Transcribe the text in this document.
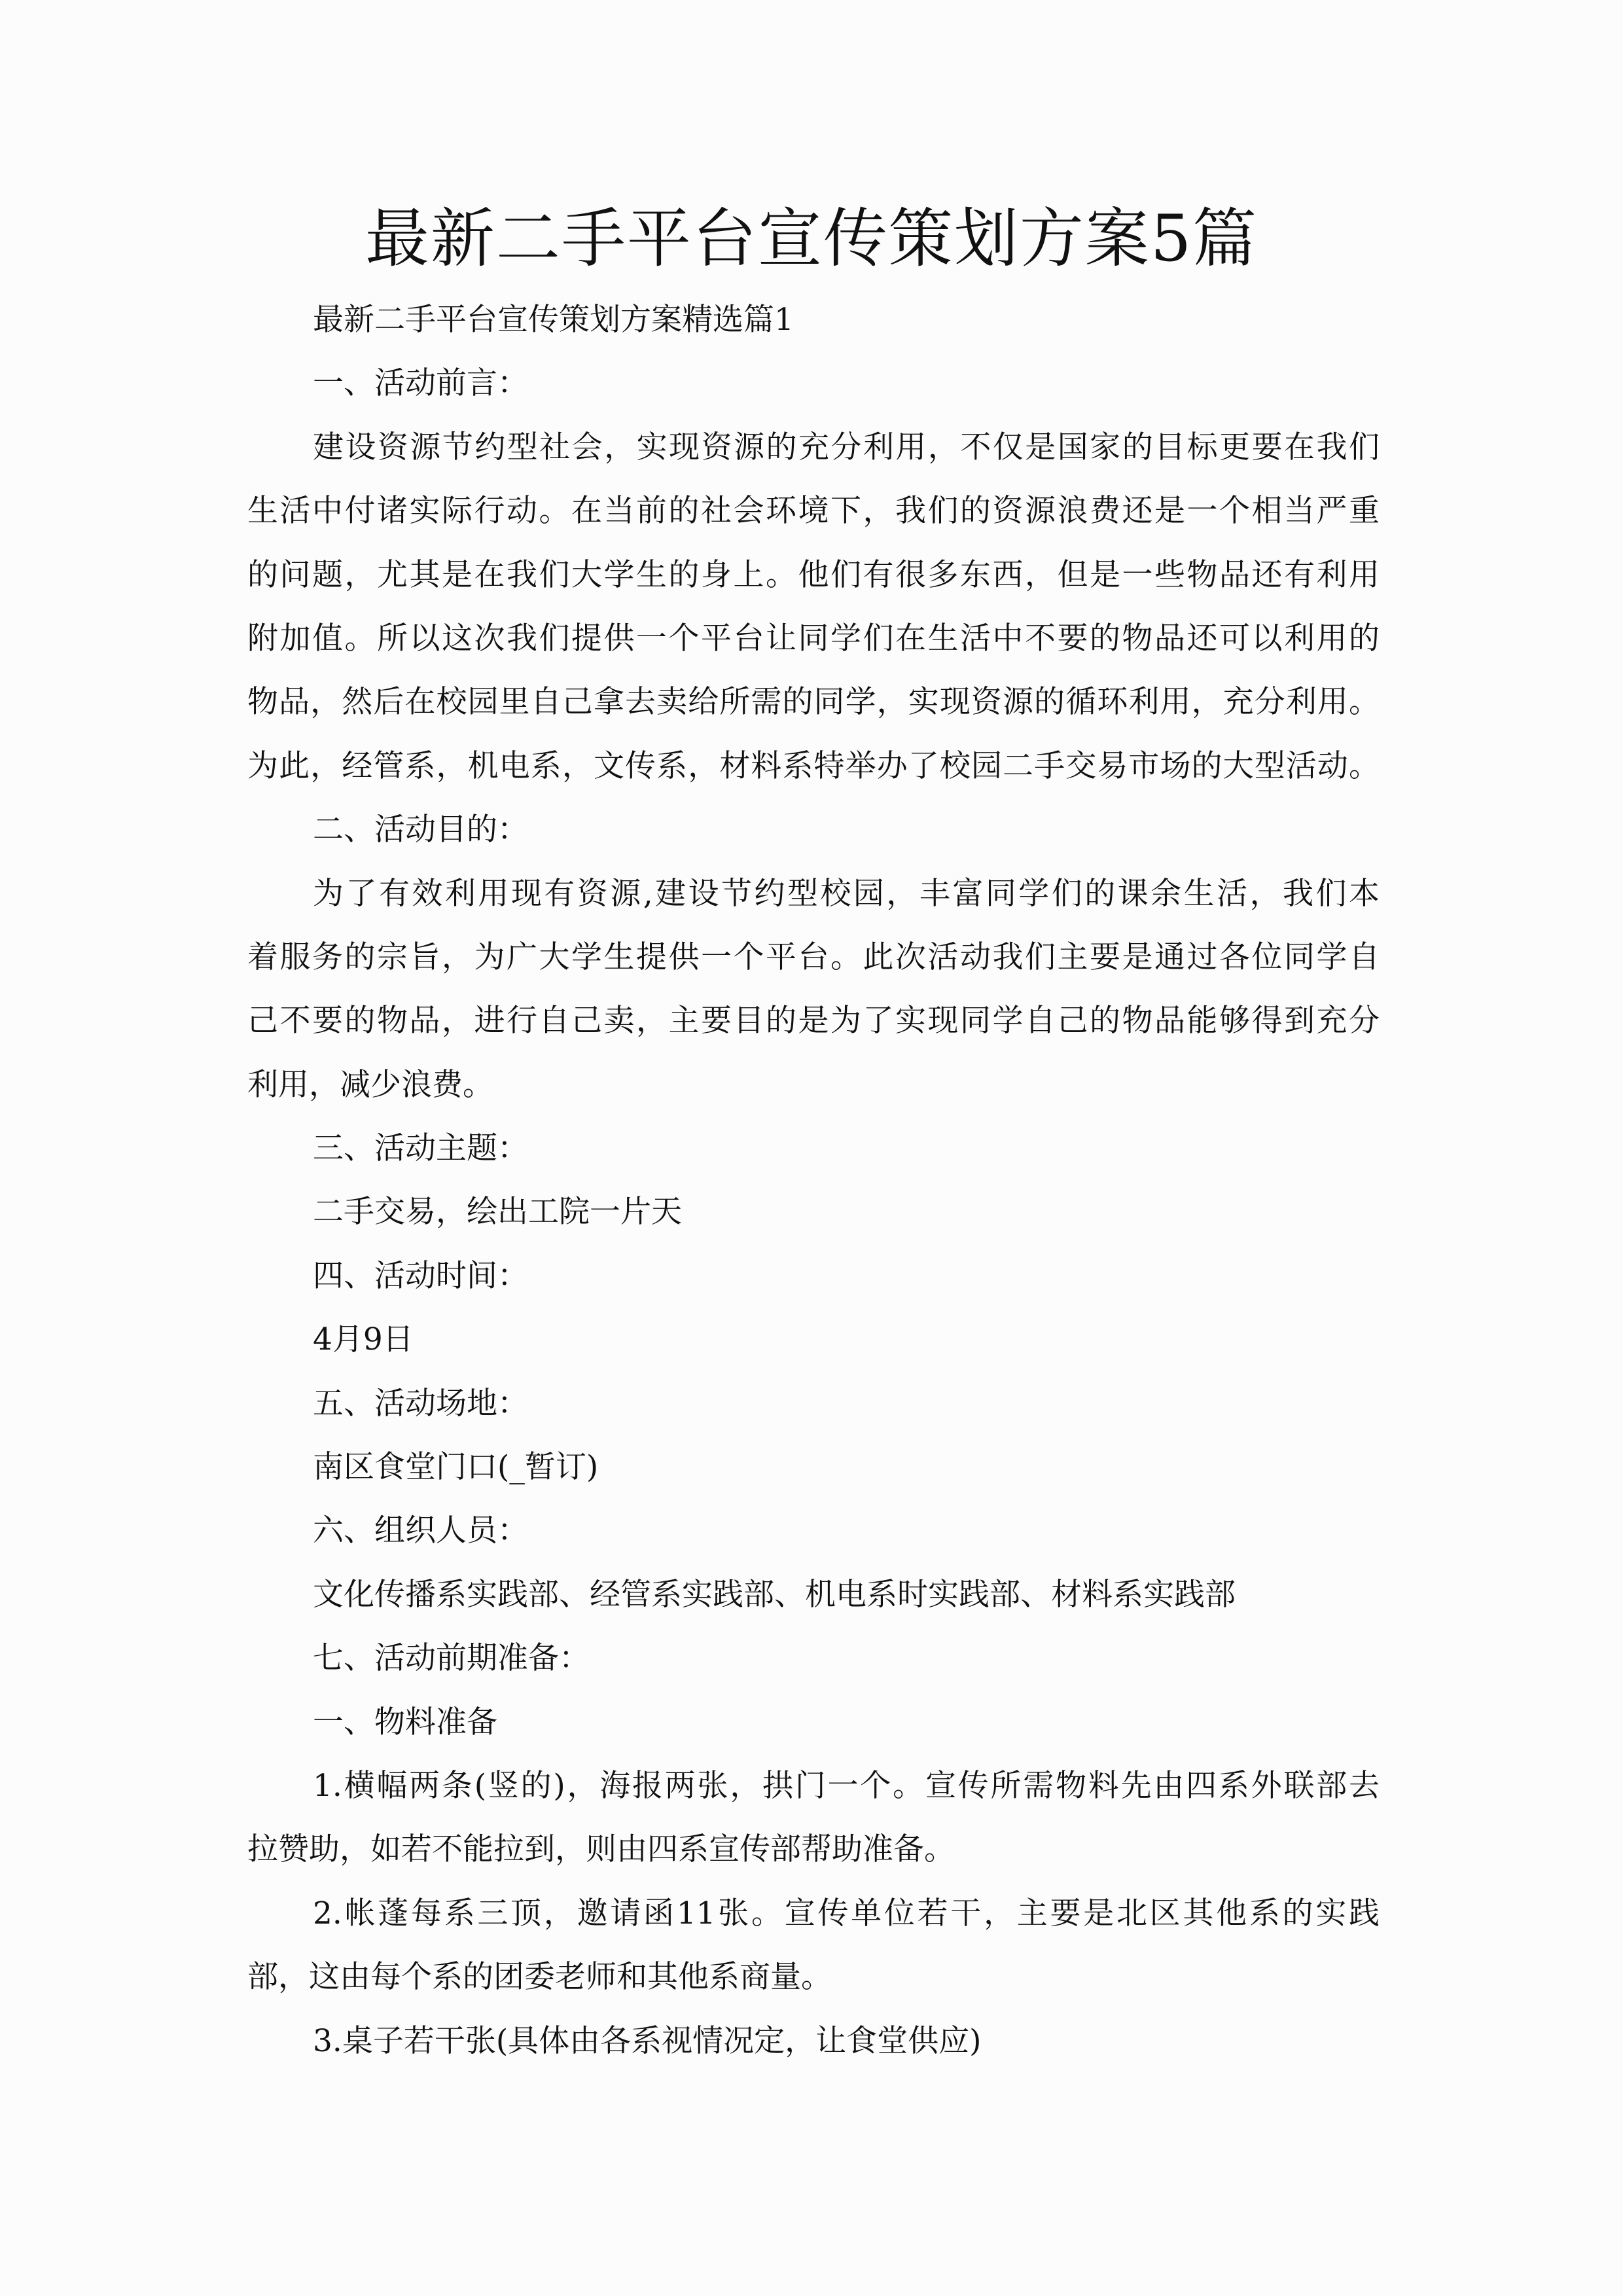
最新二手平台宣传策划方案5篇
最新二手平台宣传策划方案精选篇1
一、活动前言：
建设资源节约型社会，实现资源的充分利用，不仅是国家的目标更要在我们
生活中付诸实际行动。在当前的社会环境下，我们的资源浪费还是一个相当严重
的问题，尤其是在我们大学生的身上。他们有很多东西，但是一些物品还有利用
附加值。所以这次我们提供一个平台让同学们在生活中不要的物品还可以利用的
物品，然后在校园里自己拿去卖给所需的同学，实现资源的循环利用，充分利用。
为此，经管系，机电系，文传系，材料系特举办了校园二手交易市场的大型活动。
二、活动目的：
为了有效利用现有资源,建设节约型校园，丰富同学们的课余生活，我们本
着服务的宗旨，为广大学生提供一个平台。此次活动我们主要是通过各位同学自
己不要的物品，进行自己卖，主要目的是为了实现同学自己的物品能够得到充分
利用，减少浪费。
三、活动主题：
二手交易，绘出工院一片天
四、活动时间：
4月9日
五、活动场地：
南区食堂门口(_暂订)
六、组织人员：
文化传播系实践部、经管系实践部、机电系时实践部、材料系实践部
七、活动前期准备：
一、物料准备
1.横幅两条(竖的)，海报两张，拱门一个。宣传所需物料先由四系外联部去
拉赞助，如若不能拉到，则由四系宣传部帮助准备。
2.帐蓬每系三顶，邀请函11张。宣传单位若干，主要是北区其他系的实践
部，这由每个系的团委老师和其他系商量。
3.桌子若干张(具体由各系视情况定，让食堂供应)
